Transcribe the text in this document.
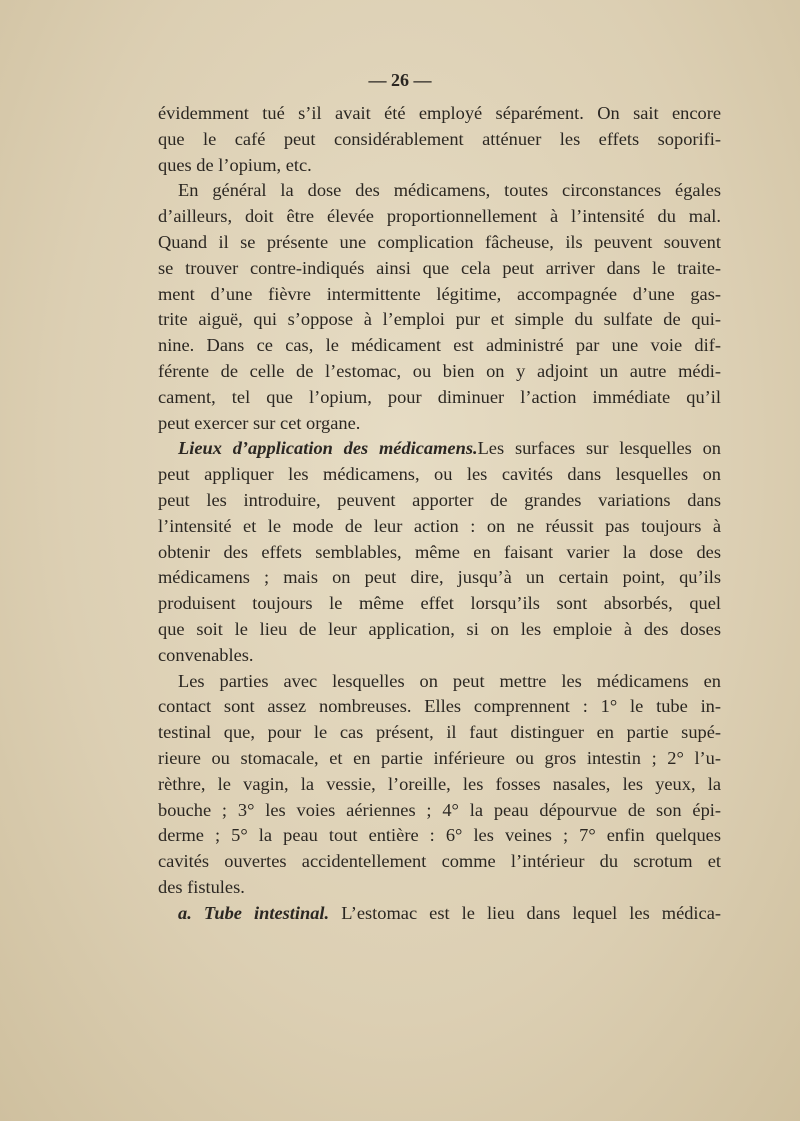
— 26 —
évidemment tué s’il avait été employé séparément. On sait encore
que le café peut considérablement atténuer les effets soporifi-
ques de l’opium, etc.
En général la dose des médicamens, toutes circonstances égales
d’ailleurs, doit être élevée proportionnellement à l’intensité du mal.
Quand il se présente une complication fâcheuse, ils peuvent souvent
se trouver contre-indiqués ainsi que cela peut arriver dans le traite-
ment d’une fièvre intermittente légitime, accompagnée d’une gas-
trite aiguë, qui s’oppose à l’emploi pur et simple du sulfate de qui-
nine. Dans ce cas, le médicament est administré par une voie dif-
férente de celle de l’estomac, ou bien on y adjoint un autre médi-
cament, tel que l’opium, pour diminuer l’action immédiate qu’il
peut exercer sur cet organe.
Lieux d’application des médicamens.Les surfaces sur lesquelles on
peut appliquer les médicamens, ou les cavités dans lesquelles on
peut les introduire, peuvent apporter de grandes variations dans
l’intensité et le mode de leur action : on ne réussit pas toujours à
obtenir des effets semblables, même en faisant varier la dose des
médicamens ; mais on peut dire, jusqu’à un certain point, qu’ils
produisent toujours le même effet lorsqu’ils sont absorbés, quel
que soit le lieu de leur application, si on les emploie à des doses
convenables.
Les parties avec lesquelles on peut mettre les médicamens en
contact sont assez nombreuses. Elles comprennent : 1° le tube in-
testinal que, pour le cas présent, il faut distinguer en partie supé-
rieure ou stomacale, et en partie inférieure ou gros intestin ; 2° l’u-
rèthre, le vagin, la vessie, l’oreille, les fosses nasales, les yeux, la
bouche ; 3° les voies aériennes ; 4° la peau dépourvue de son épi-
derme ; 5° la peau tout entière : 6° les veines ; 7° enfin quelques
cavités ouvertes accidentellement comme l’intérieur du scrotum et
des fistules.
a. Tube intestinal. L’estomac est le lieu dans lequel les médica-
